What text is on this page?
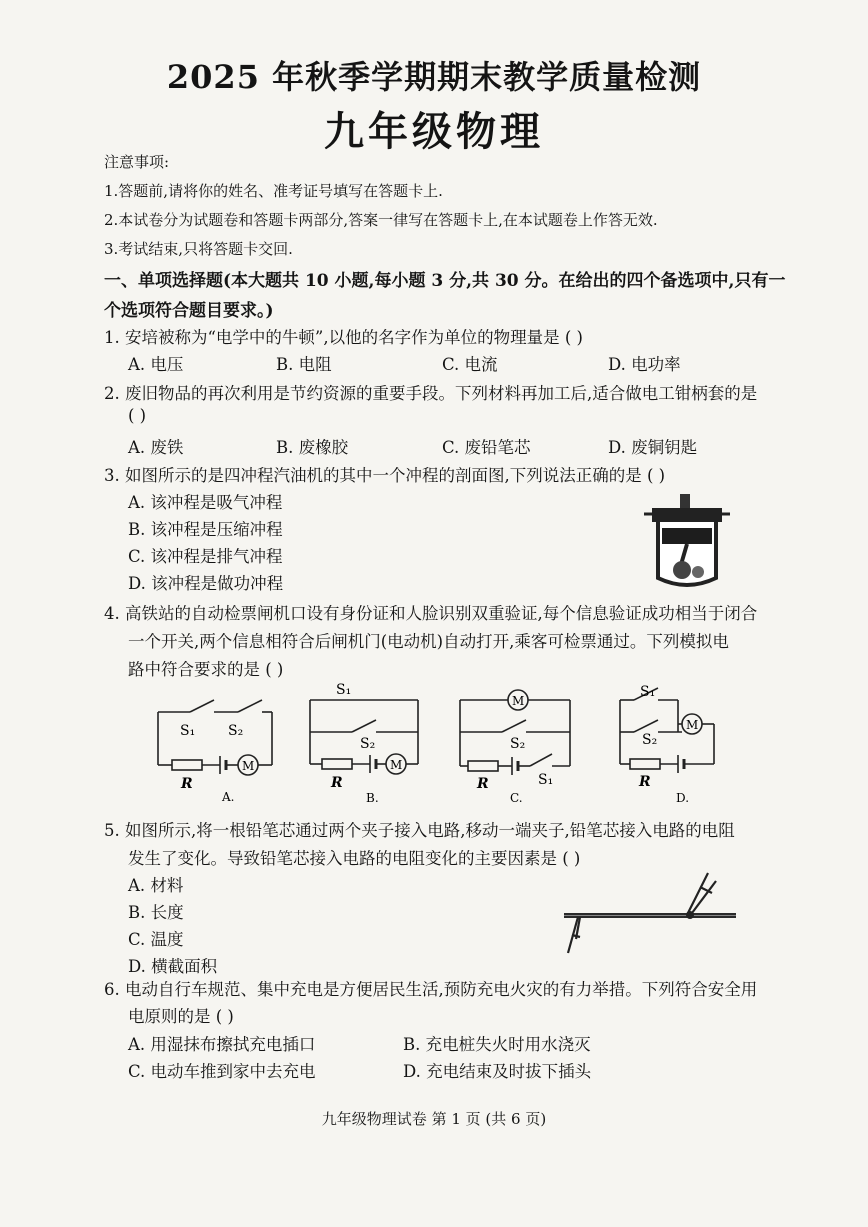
2025 年秋季学期期末教学质量检测
九年级物理
注意事项:
1.答题前,请将你的姓名、准考证号填写在答题卡上.
2.本试卷分为试题卷和答题卡两部分,答案一律写在答题卡上,在本试题卷上作答无效.
3.考试结束,只将答题卡交回.
一、单项选择题(本大题共 10 小题,每小题 3 分,共 30 分。在给出的四个备选项中,只有一
个选项符合题目要求。)
1. 安培被称为“电学中的牛顿”,以他的名字作为单位的物理量是 ( )
A. 电压	B. 电阻	C. 电流	D. 电功率
2. 废旧物品的再次利用是节约资源的重要手段。下列材料再加工后,适合做电工钳柄套的是
( )
A. 废铁	B. 废橡胶	C. 废铅笔芯	D. 废铜钥匙
3. 如图所示的是四冲程汽油机的其中一个冲程的剖面图,下列说法正确的是 ( )
A. 该冲程是吸气冲程
B. 该冲程是压缩冲程
C. 该冲程是排气冲程
D. 该冲程是做功冲程
4. 高铁站的自动检票闸机口设有身份证和人脸识别双重验证,每个信息验证成功相当于闭合
一个开关,两个信息相符合后闸机门(电动机)自动打开,乘客可检票通过。下列模拟电
路中符合要求的是 ( )
S₁ S₂
R
M
A.
S₁
S₂
R
M
B.
M
S₂
R	S₁
C.
S₁
M
S₂
R
D.
5. 如图所示,将一根铅笔芯通过两个夹子接入电路,移动一端夹子,铅笔芯接入电路的电阻
发生了变化。导致铅笔芯接入电路的电阻变化的主要因素是 ( )
A. 材料
B. 长度
C. 温度
D. 横截面积
6. 电动自行车规范、集中充电是方便居民生活,预防充电火灾的有力举措。下列符合安全用
电原则的是 ( )
A. 用湿抹布擦拭充电插口	B. 充电桩失火时用水浇灭
C. 电动车推到家中去充电	D. 充电结束及时拔下插头
九年级物理试卷 第 1 页 (共 6 页)
